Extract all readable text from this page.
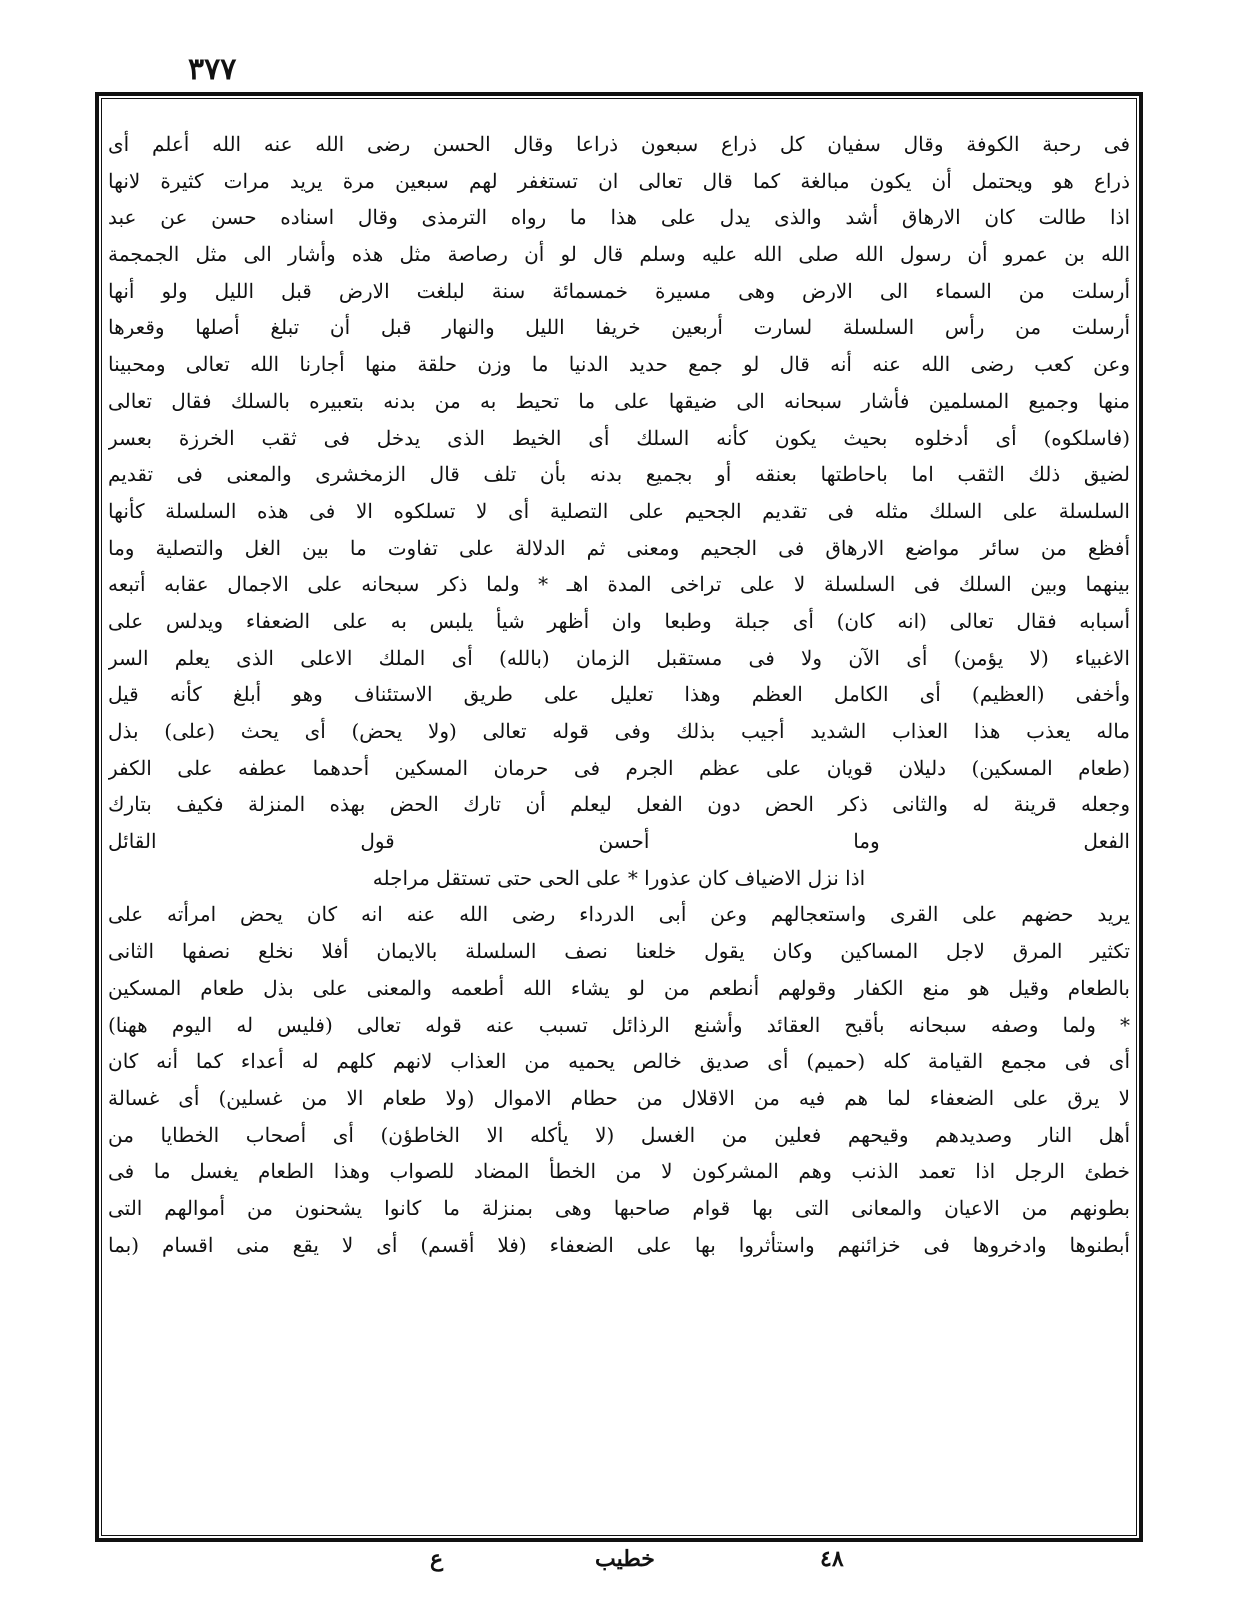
٣٧٧
فى رحبة الكوفة وقال سفيان كل ذراع سبعون ذراعا وقال الحسن رضى الله عنه الله أعلم أى
ذراع هو ويحتمل أن يكون مبالغة كما قال تعالى ان تستغفر لهم سبعين مرة يريد مرات كثيرة لانها
اذا طالت كان الارهاق أشد والذى يدل على هذا ما رواه الترمذى وقال اسناده حسن عن عبد
الله بن عمرو أن رسول الله صلى الله عليه وسلم قال لو أن رصاصة مثل هذه وأشار الى مثل الجمجمة
أرسلت من السماء الى الارض وهى مسيرة خمسمائة سنة لبلغت الارض قبل الليل ولو أنها
أرسلت من رأس السلسلة لسارت أربعين خريفا الليل والنهار قبل أن تبلغ أصلها وقعرها
وعن كعب رضى الله عنه أنه قال لو جمع حديد الدنيا ما وزن حلقة منها أجارنا الله تعالى ومحبينا
منها وجميع المسلمين فأشار سبحانه الى ضيقها على ما تحيط به من بدنه بتعبيره بالسلك فقال تعالى
(فاسلكوه) أى أدخلوه بحيث يكون كأنه السلك أى الخيط الذى يدخل فى ثقب الخرزة بعسر
لضيق ذلك الثقب اما باحاطتها بعنقه أو بجميع بدنه بأن تلف قال الزمخشرى والمعنى فى تقديم
السلسلة على السلك مثله فى تقديم الجحيم على التصلية أى لا تسلكوه الا فى هذه السلسلة كأنها
أفظع من سائر مواضع الارهاق فى الجحيم ومعنى ثم الدلالة على تفاوت ما بين الغل والتصلية وما
بينهما وبين السلك فى السلسلة لا على تراخى المدة اهـ * ولما ذكر سبحانه على الاجمال عقابه أتبعه
أسبابه فقال تعالى (انه كان) أى جبلة وطبعا وان أظهر شيأ يلبس به على الضعفاء ويدلس على
الاغبياء (لا يؤمن) أى الآن ولا فى مستقبل الزمان (بالله) أى الملك الاعلى الذى يعلم السر
وأخفى (العظيم) أى الكامل العظم وهذا تعليل على طريق الاستئناف وهو أبلغ كأنه قيل
ماله يعذب هذا العذاب الشديد أجيب بذلك وفى قوله تعالى (ولا يحض) أى يحث (على) بذل
(طعام المسكين) دليلان قويان على عظم الجرم فى حرمان المسكين أحدهما عطفه على الكفر
وجعله قرينة له والثانى ذكر الحض دون الفعل ليعلم أن تارك الحض بهذه المنزلة فكيف بتارك
الفعل وما أحسن قول القائل
اذا نزل الاضياف كان عذورا * على الحى حتى تستقل مراجله
يريد حضهم على القرى واستعجالهم وعن أبى الدرداء رضى الله عنه انه كان يحض امرأته على
تكثير المرق لاجل المساكين وكان يقول خلعنا نصف السلسلة بالايمان أفلا نخلع نصفها الثانى
بالطعام وقيل هو منع الكفار وقولهم أنطعم من لو يشاء الله أطعمه والمعنى على بذل طعام المسكين
* ولما وصفه سبحانه بأقبح العقائد وأشنع الرذائل تسبب عنه قوله تعالى (فليس له اليوم ههنا)
أى فى مجمع القيامة كله (حميم) أى صديق خالص يحميه من العذاب لانهم كلهم له أعداء كما أنه كان
لا يرق على الضعفاء لما هم فيه من الاقلال من حطام الاموال (ولا طعام الا من غسلين) أى غسالة
أهل النار وصديدهم وقيحهم فعلين من الغسل (لا يأكله الا الخاطؤن) أى أصحاب الخطايا من
خطئ الرجل اذا تعمد الذنب وهم المشركون لا من الخطأ المضاد للصواب وهذا الطعام يغسل ما فى
بطونهم من الاعيان والمعانى التى بها قوام صاحبها وهى بمنزلة ما كانوا يشحنون من أموالهم التى
أبطنوها وادخروها فى خزائنهم واستأثروا بها على الضعفاء (فلا أقسم) أى لا يقع منى اقسام (بما
٤٨
خطيب
ع
